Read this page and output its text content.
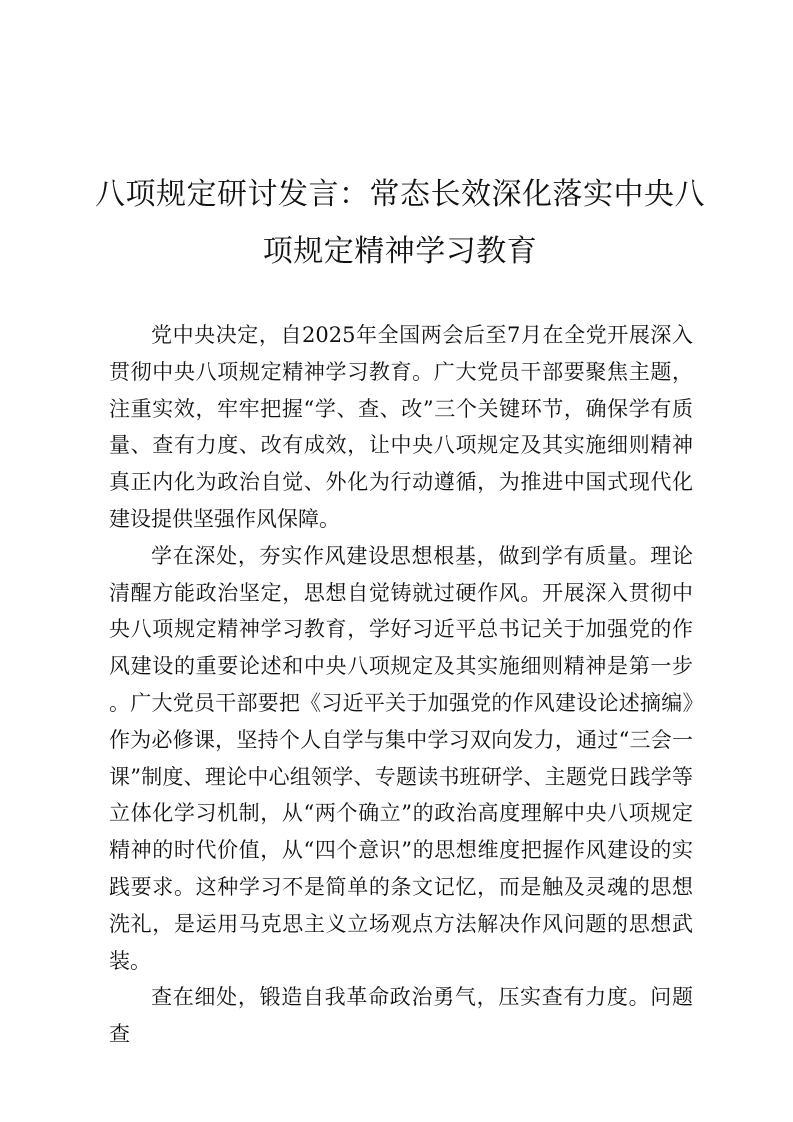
八项规定研讨发言：常态长效深化落实中央八
项规定精神学习教育

党中央决定，自2025年全国两会后至7月在全党开展深入贯彻中央八项规定精神学习教育。广大党员干部要聚焦主题，注重实效，牢牢把握“学、查、改”三个关键环节，确保学有质量、查有力度、改有成效，让中央八项规定及其实施细则精神真正内化为政治自觉、外化为行动遵循，为推进中国式现代化建设提供坚强作风保障。

学在深处，夯实作风建设思想根基，做到学有质量。理论清醒方能政治坚定，思想自觉铸就过硬作风。开展深入贯彻中央八项规定精神学习教育，学好习近平总书记关于加强党的作风建设的重要论述和中央八项规定及其实施细则精神是第一步。广大党员干部要把《习近平关于加强党的作风建设论述摘编》作为必修课，坚持个人自学与集中学习双向发力，通过“三会一课”制度、理论中心组领学、专题读书班研学、主题党日践学等立体化学习机制，从“两个确立”的政治高度理解中央八项规定精神的时代价值，从“四个意识”的思想维度把握作风建设的实践要求。这种学习不是简单的条文记忆，而是触及灵魂的思想洗礼，是运用马克思主义立场观点方法解决作风问题的思想武装。

查在细处，锻造自我革命政治勇气，压实查有力度。问题查
